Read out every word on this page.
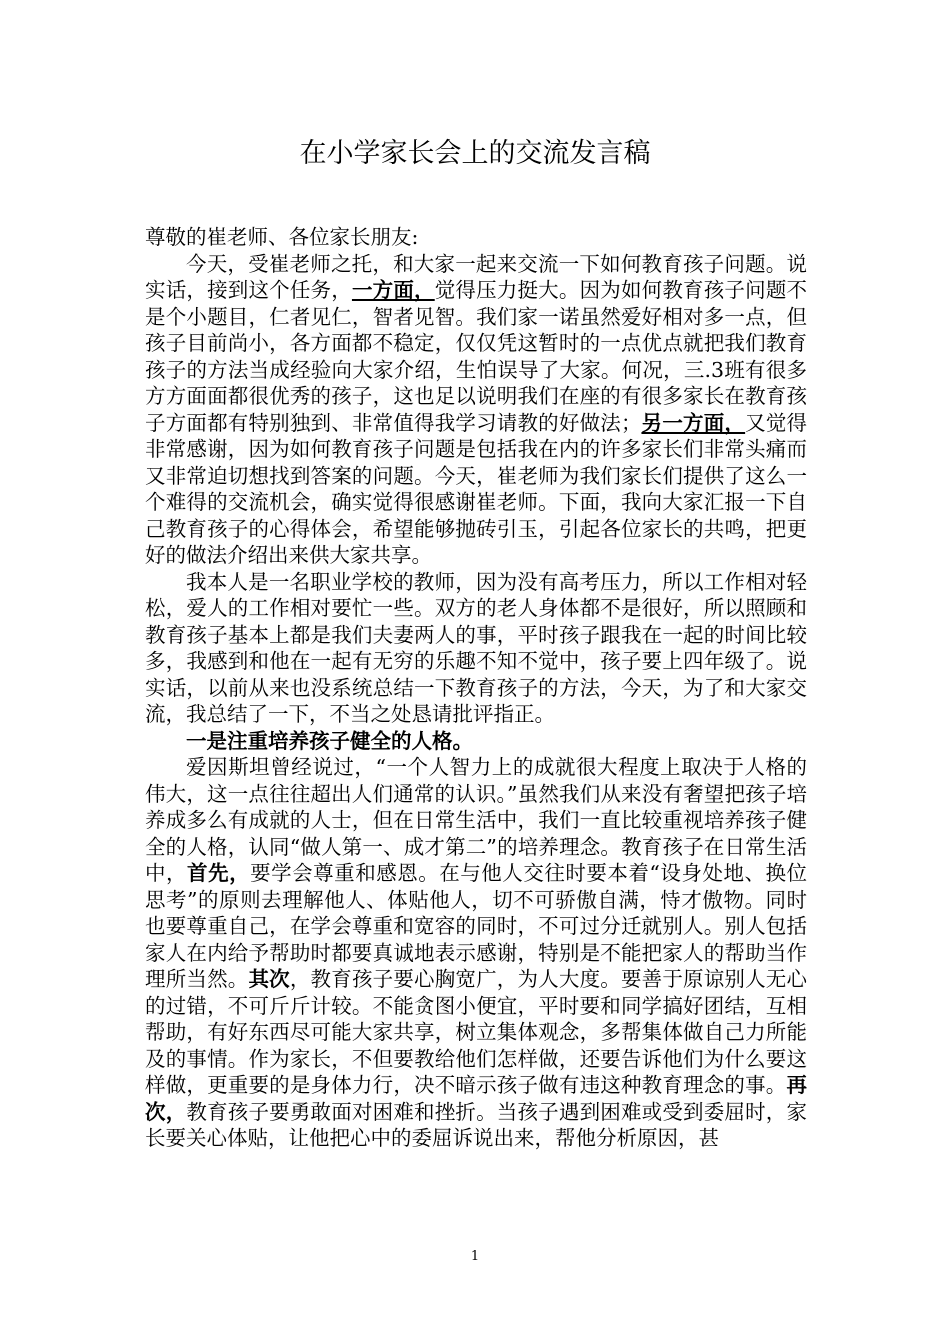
在小学家长会上的交流发言稿

尊敬的崔老师、各位家长朋友:

今天，受崔老师之托，和大家一起来交流一下如何教育孩子问题。说实话，接到这个任务，一方面，觉得压力挺大。因为如何教育孩子问题不是个小题目，仁者见仁，智者见智。我们家一诺虽然爱好相对多一点，但孩子目前尚小，各方面都不稳定，仅仅凭这暂时的一点优点就把我们教育孩子的方法当成经验向大家介绍，生怕误导了大家。何况，三.3班有很多方方面面都很优秀的孩子，这也足以说明我们在座的有很多家长在教育孩子方面都有特别独到、非常值得我学习请教的好做法；另一方面，又觉得非常感谢，因为如何教育孩子问题是包括我在内的许多家长们非常头痛而又非常迫切想找到答案的问题。今天，崔老师为我们家长们提供了这么一个难得的交流机会，确实觉得很感谢崔老师。下面，我向大家汇报一下自己教育孩子的心得体会，希望能够抛砖引玉，引起各位家长的共鸣，把更好的做法介绍出来供大家共享。

我本人是一名职业学校的教师，因为没有高考压力，所以工作相对轻松，爱人的工作相对要忙一些。双方的老人身体都不是很好，所以照顾和教育孩子基本上都是我们夫妻两人的事，平时孩子跟我在一起的时间比较多，我感到和他在一起有无穷的乐趣不知不觉中，孩子要上四年级了。说实话，以前从来也没系统总结一下教育孩子的方法，今天，为了和大家交流，我总结了一下，不当之处恳请批评指正。

一是注重培养孩子健全的人格。

爱因斯坦曾经说过，“一个人智力上的成就很大程度上取决于人格的伟大，这一点往往超出人们通常的认识。”虽然我们从来没有奢望把孩子培养成多么有成就的人士，但在日常生活中，我们一直比较重视培养孩子健全的人格，认同“做人第一、成才第二”的培养理念。教育孩子在日常生活中，首先，要学会尊重和感恩。在与他人交往时要本着“设身处地、换位思考”的原则去理解他人、体贴他人，切不可骄傲自满，恃才傲物。同时也要尊重自己，在学会尊重和宽容的同时，不可过分迁就别人。别人包括家人在内给予帮助时都要真诚地表示感谢，特别是不能把家人的帮助当作理所当然。其次，教育孩子要心胸宽广，为人大度。要善于原谅别人无心的过错，不可斤斤计较。不能贪图小便宜，平时要和同学搞好团结，互相帮助，有好东西尽可能大家共享，树立集体观念，多帮集体做自己力所能及的事情。作为家长，不但要教给他们怎样做，还要告诉他们为什么要这样做，更重要的是身体力行，决不暗示孩子做有违这种教育理念的事。再次，教育孩子要勇敢面对困难和挫折。当孩子遇到困难或受到委屈时，家长要关心体贴，让他把心中的委屈诉说出来，帮他分析原因，甚

1
